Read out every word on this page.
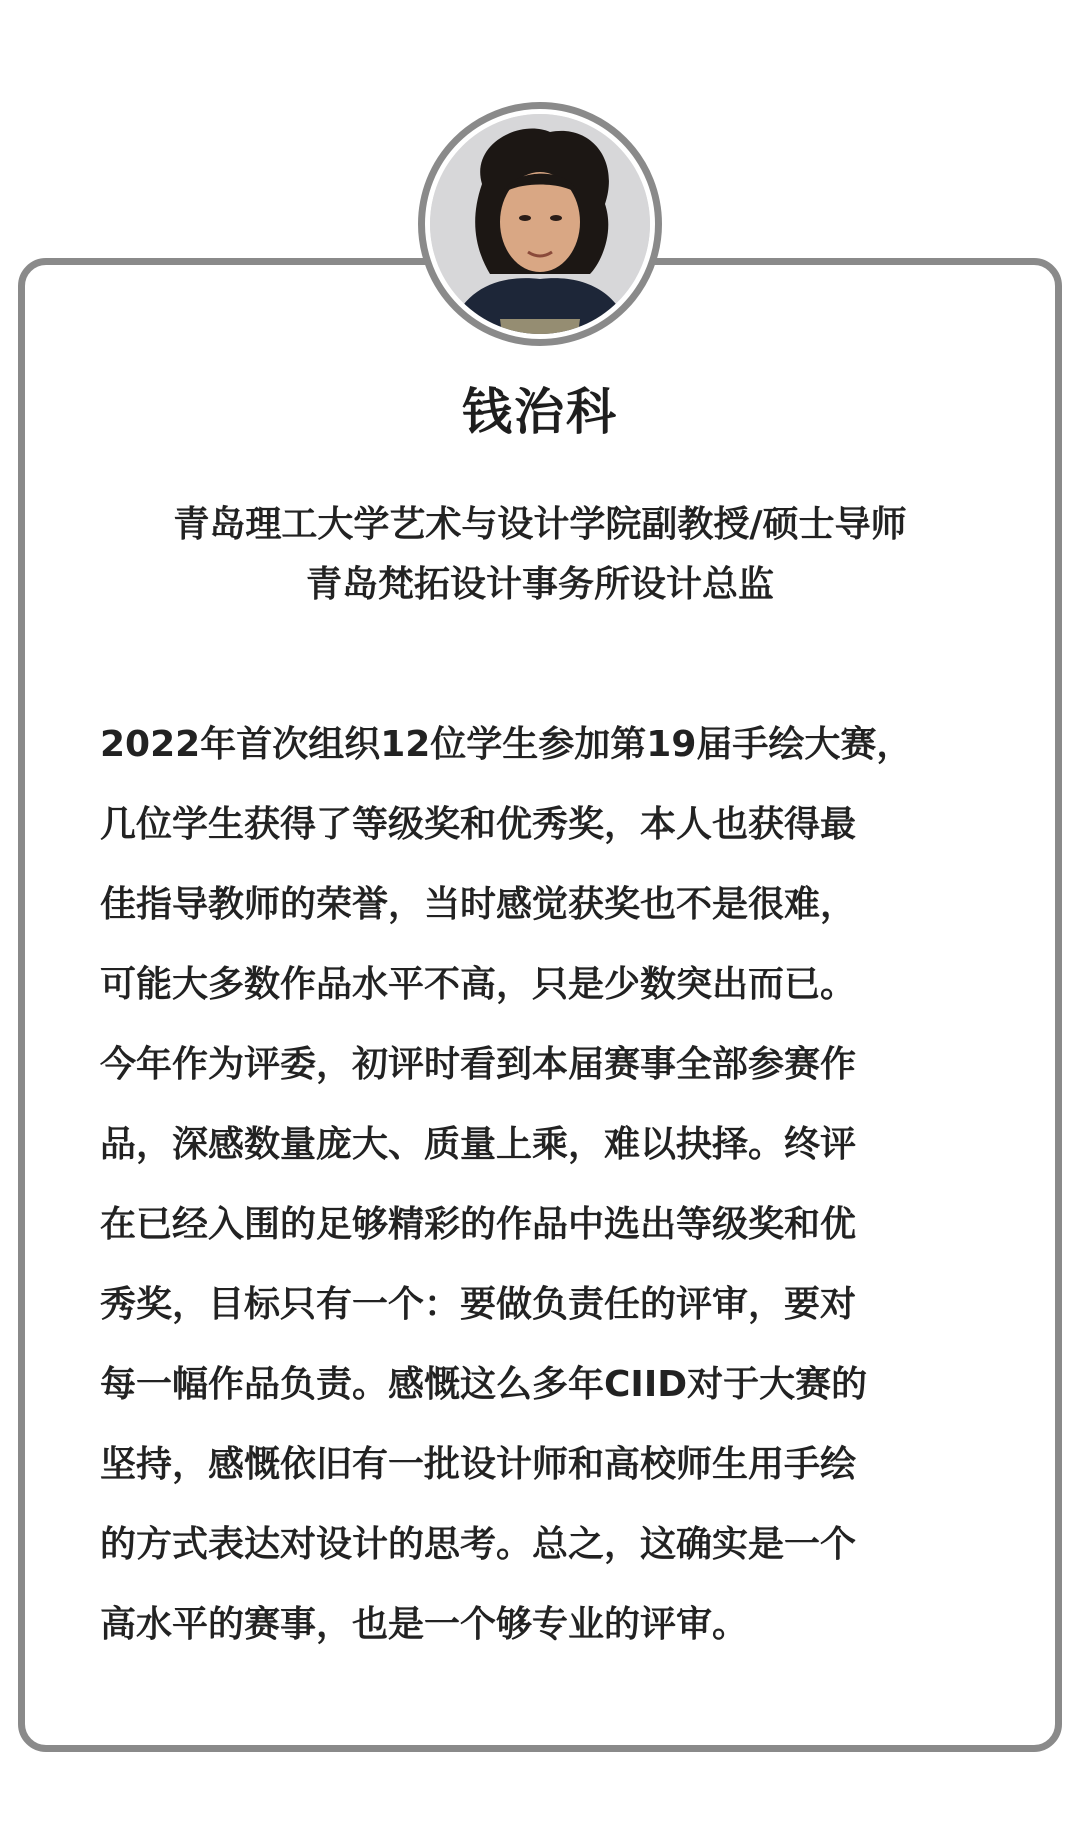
钱治科
青岛理工大学艺术与设计学院副教授/硕士导师
青岛梵拓设计事务所设计总监
2022年首次组织12位学生参加第19届手绘大赛，
几位学生获得了等级奖和优秀奖，本人也获得最
佳指导教师的荣誉，当时感觉获奖也不是很难，
可能大多数作品水平不高，只是少数突出而已。
今年作为评委，初评时看到本届赛事全部参赛作
品，深感数量庞大、质量上乘，难以抉择。终评
在已经入围的足够精彩的作品中选出等级奖和优
秀奖，目标只有一个：要做负责任的评审，要对
每一幅作品负责。感慨这么多年CIID对于大赛的
坚持，感慨依旧有一批设计师和高校师生用手绘
的方式表达对设计的思考。总之，这确实是一个
高水平的赛事，也是一个够专业的评审。
